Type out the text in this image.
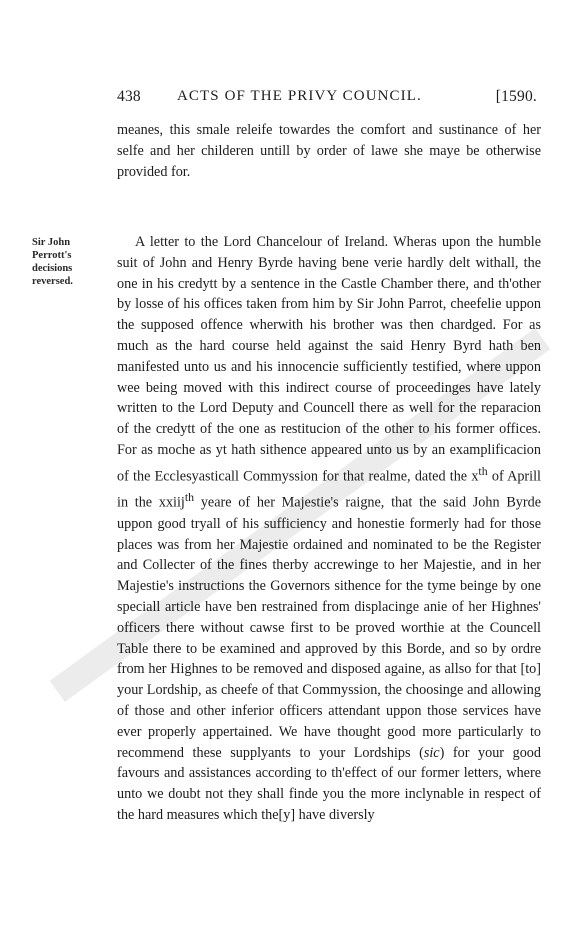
438 ACTS OF THE PRIVY COUNCIL.	[1590.

meanes, this smale releife towardes the comfort and sustinance of her selfe and her childeren untill by order of lawe she maye be otherwise provided for.

Sir John Perrott's decisions reversed.

A letter to the Lord Chancelour of Ireland. Wheras upon the humble suit of John and Henry Byrde having bene verie hardly delt withall, the one in his credytt by a sentence in the Castle Chamber there, and th'other by losse of his offices taken from him by Sir John Parrot, cheefelie uppon the supposed offence wherwith his brother was then chardged. For as much as the hard course held against the said Henry Byrd hath ben manifested unto us and his innocencie sufficiently testified, where uppon wee being moved with this indirect course of proceedinges have lately written to the Lord Deputy and Councell there as well for the reparacion of the credytt of the one as restitucion of the other to his former offices. For as moche as yt hath sithence appeared unto us by an examplificacion of the Ecclesyasticall Commyssion for that realme, dated the $x^{th}$ of Aprill in the xxiij$^{th}$ yeare of her Majestie's raigne, that the said John Byrde uppon good tryall of his sufficiency and honestie formerly had for those places was from her Majestie ordained and nominated to be the Register and Collecter of the fines therby accrewinge to her Majestie, and in her Majestie's instructions the Governors sithence for the tyme beinge by one speciall article have ben restrained from displacinge anie of her Highnes' officers there without cawse first to be proved worthie at the Councell Table there to be examined and approved by this Borde, and so by ordre from her Highnes to be removed and disposed againe, as allso for that [to] your Lordship, as cheefe of that Commyssion, the choosinge and allowing of those and other inferior officers attendant uppon those services have ever properly appertained. We have thought good more particularly to recommend these supplyants to your Lordships (sic) for your good favours and assistances according to th'effect of our former letters, where unto we doubt not they shall finde you the more inclynable in respect of the hard measures which the[y] have diversly
